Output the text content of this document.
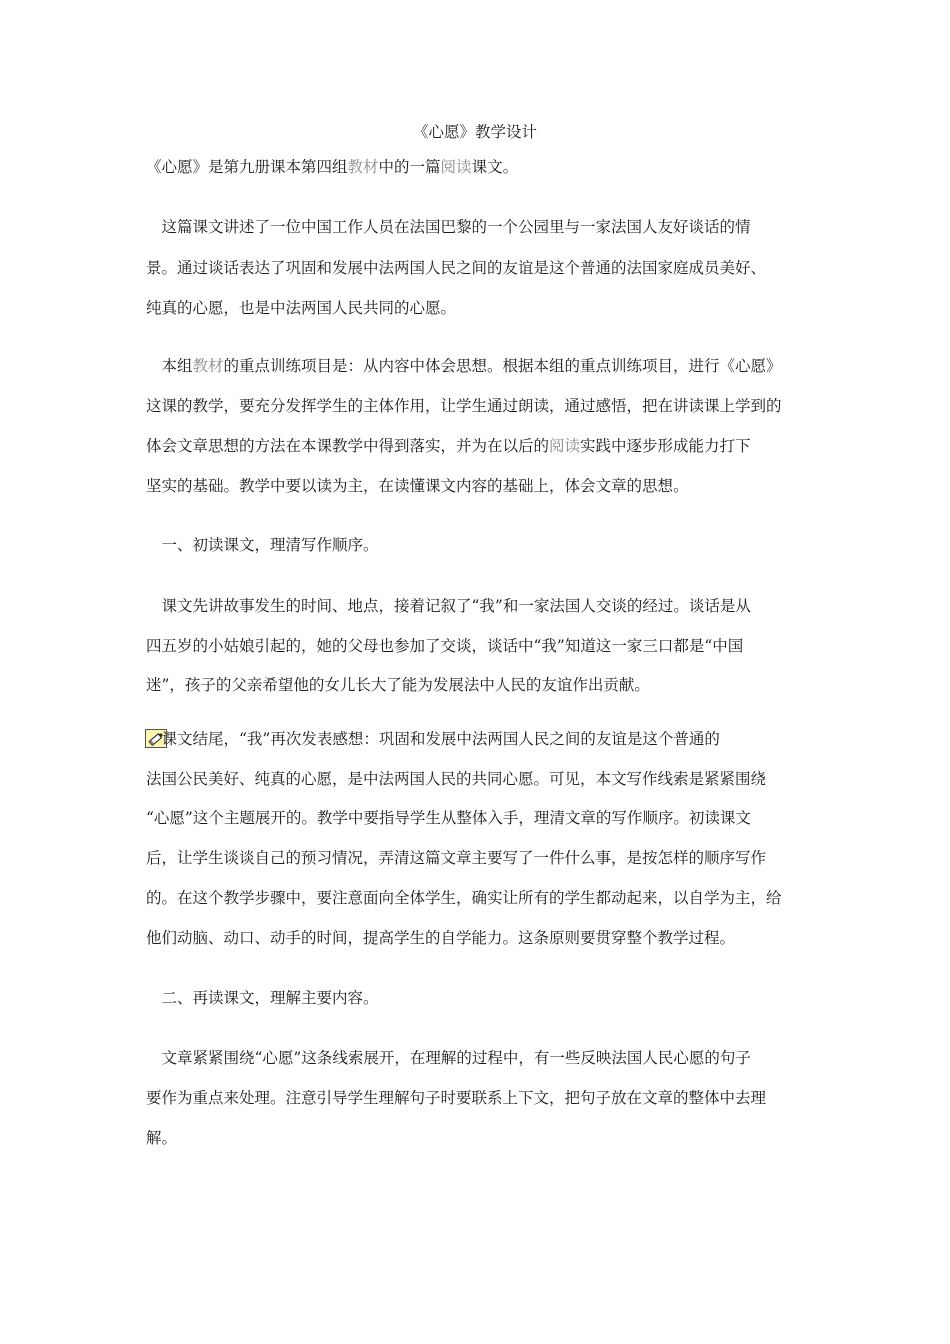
《心愿》教学设计
《心愿》是第九册课本第四组教材中的一篇阅读课文。
　这篇课文讲述了一位中国工作人员在法国巴黎的一个公园里与一家法国人友好谈话的情
景。通过谈话表达了巩固和发展中法两国人民之间的友谊是这个普通的法国家庭成员美好、
纯真的心愿，也是中法两国人民共同的心愿。
　本组教材的重点训练项目是：从内容中体会思想。根据本组的重点训练项目，进行《心愿》
这课的教学，要充分发挥学生的主体作用，让学生通过朗读，通过感悟，把在讲读课上学到的
体会文章思想的方法在本课教学中得到落实，并为在以后的阅读实践中逐步形成能力打下
坚实的基础。教学中要以读为主，在读懂课文内容的基础上，体会文章的思想。
　一、初读课文，理清写作顺序。
　课文先讲故事发生的时间、地点，接着记叙了“我”和一家法国人交谈的经过。谈话是从
四五岁的小姑娘引起的，她的父母也参加了交谈，谈话中“我”知道这一家三口都是“中国
迷”，孩子的父亲希望他的女儿长大了能为发展法中人民的友谊作出贡献。
　课文结尾，“我”再次发表感想：巩固和发展中法两国人民之间的友谊是这个普通的
法国公民美好、纯真的心愿，是中法两国人民的共同心愿。可见，本文写作线索是紧紧围绕
“心愿”这个主题展开的。教学中要指导学生从整体入手，理清文章的写作顺序。初读课文
后，让学生谈谈自己的预习情况，弄清这篇文章主要写了一件什么事，是按怎样的顺序写作
的。在这个教学步骤中，要注意面向全体学生，确实让所有的学生都动起来，以自学为主，给
他们动脑、动口、动手的时间，提高学生的自学能力。这条原则要贯穿整个教学过程。
　二、再读课文，理解主要内容。
　文章紧紧围绕“心愿”这条线索展开，在理解的过程中，有一些反映法国人民心愿的句子
要作为重点来处理。注意引导学生理解句子时要联系上下文，把句子放在文章的整体中去理
解。
